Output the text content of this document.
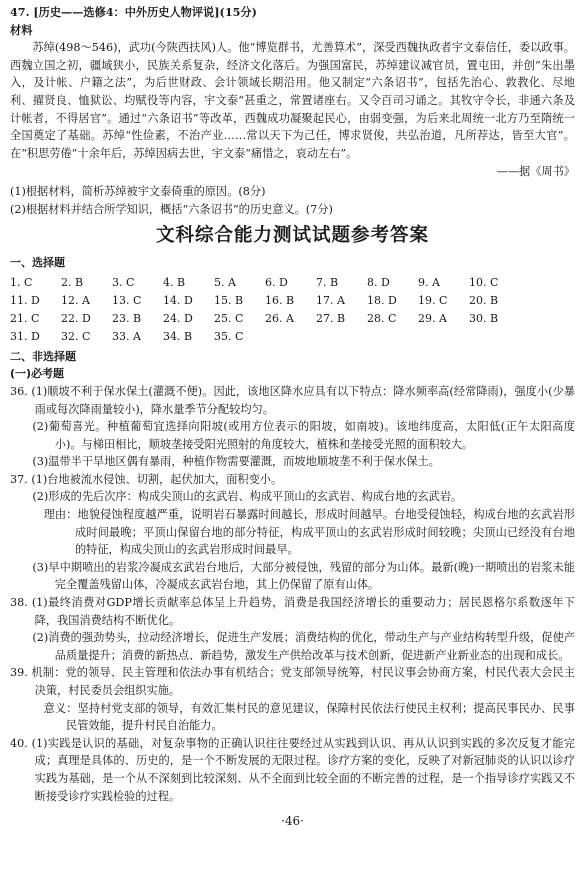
47. [历史——选修4：中外历史人物评说](15分)

材料

苏绰(498～546)，武功(今陕西扶风)人。他“博览群书，尤善算术”，深受西魏执政者宇文泰信任，委以政事。西魏立国之初，疆域狭小，民族关系复杂，经济文化落后。为强国富民，苏绰建议减官员，置屯田，并创“朱出墨入，及计帐、户籍之法”，为后世财政、会计领域长期沿用。他又制定“六条诏书”，包括先治心、敦教化、尽地利、擢贤良、恤狱讼、均赋役等内容，宇文泰“甚重之，常置诸座右。又令百司习诵之。其牧守令长，非通六条及计帐者，不得居官”。通过“六条诏书”等改革，西魏成功凝聚起民心，由弱变强，为后来北周统一北方乃至隋统一全国奠定了基础。苏绰“性俭素，不治产业……常以天下为己任，博求贤俊，共弘治道，凡所荐达，皆至大官”。在“积思劳倦”十余年后，苏绰因病去世，宇文泰“痛惜之，哀动左右”。

——据《周书》

(1)根据材料，简析苏绰被宇文泰倚重的原因。(8分)

(2)根据材料并结合所学知识，概括“六条诏书”的历史意义。(7分)

文科综合能力测试试题参考答案

一、选择题

1. C	2. B	3. C	4. B	5. A	6. D	7. B	8. D	9. A	10. C
11. D	12. A	13. C	14. D	15. B	16. B	17. A	18. D	19. C	20. B
21. C	22. D	23. B	24. D	25. C	26. A	27. B	28. C	29. A	30. B
31. D	32. C	33. A	34. B	35. C					

二、非选择题

(一)必考题

36. (1)顺坡不利于保水保土(灌溉不便)。因此，该地区降水应具有以下特点：降水频率高(经常降雨)，强度小(少暴雨或每次降雨量较小)，降水量季节分配较均匀。

(2)葡萄喜光。种植葡萄宜选择向阳坡(或用方位表示的阳坡，如南坡)。该地纬度高，太阳低(正午太阳高度小)。与梯田相比，顺坡垄接受阳光照射的角度较大，植株和垄接受光照的面积较大。

(3)温带半干旱地区偶有暴雨，种植作物需要灌溉，而坡地顺坡垄不利于保水保土。

37. (1)台地被流水侵蚀、切割，起伏加大，面积变小。

(2)形成的先后次序：构成尖顶山的玄武岩、构成平顶山的玄武岩、构成台地的玄武岩。

理由：地貌侵蚀程度越严重，说明岩石暴露时间越长，形成时间越早。台地受侵蚀轻，构成台地的玄武岩形成时间最晚；平顶山保留台地的部分特征，构成平顶山的玄武岩形成时间较晚；尖顶山已经没有台地的特征，构成尖顶山的玄武岩形成时间最早。

(3)早中期喷出的岩浆冷凝成玄武岩台地后，大部分被侵蚀，残留的部分为山体。最新(晚)一期喷出的岩浆未能完全覆盖残留山体，冷凝成玄武岩台地，其上仍保留了原有山体。

38. (1)最终消费对GDP增长贡献率总体呈上升趋势，消费是我国经济增长的重要动力；居民恩格尔系数逐年下降，我国消费结构不断优化。

(2)消费的强劲势头，拉动经济增长，促进生产发展；消费结构的优化，带动生产与产业结构转型升级，促使产品质量提升；消费的新热点、新趋势，激发生产供给改革与技术创新，促进新产业新业态的出现和成长。

39. 机制：党的领导、民主管理和依法办事有机结合；党支部领导统筹，村民议事会协商方案，村民代表大会民主决策，村民委员会组织实施。

意义：坚持村党支部的领导，有效汇集村民的意见建议，保障村民依法行使民主权利；提高民事民办、民事民管效能，提升村民自治能力。

40. (1)实践是认识的基础，对复杂事物的正确认识往往要经过从实践到认识、再从认识到实践的多次反复才能完成；真理是具体的、历史的，是一个不断发展的无限过程。诊疗方案的变化，反映了对新冠肺炎的认识以诊疗实践为基础，是一个从不深刻到比较深刻、从不全面到比较全面的不断完善的过程，是一个指导诊疗实践又不断接受诊疗实践检验的过程。

·46·
